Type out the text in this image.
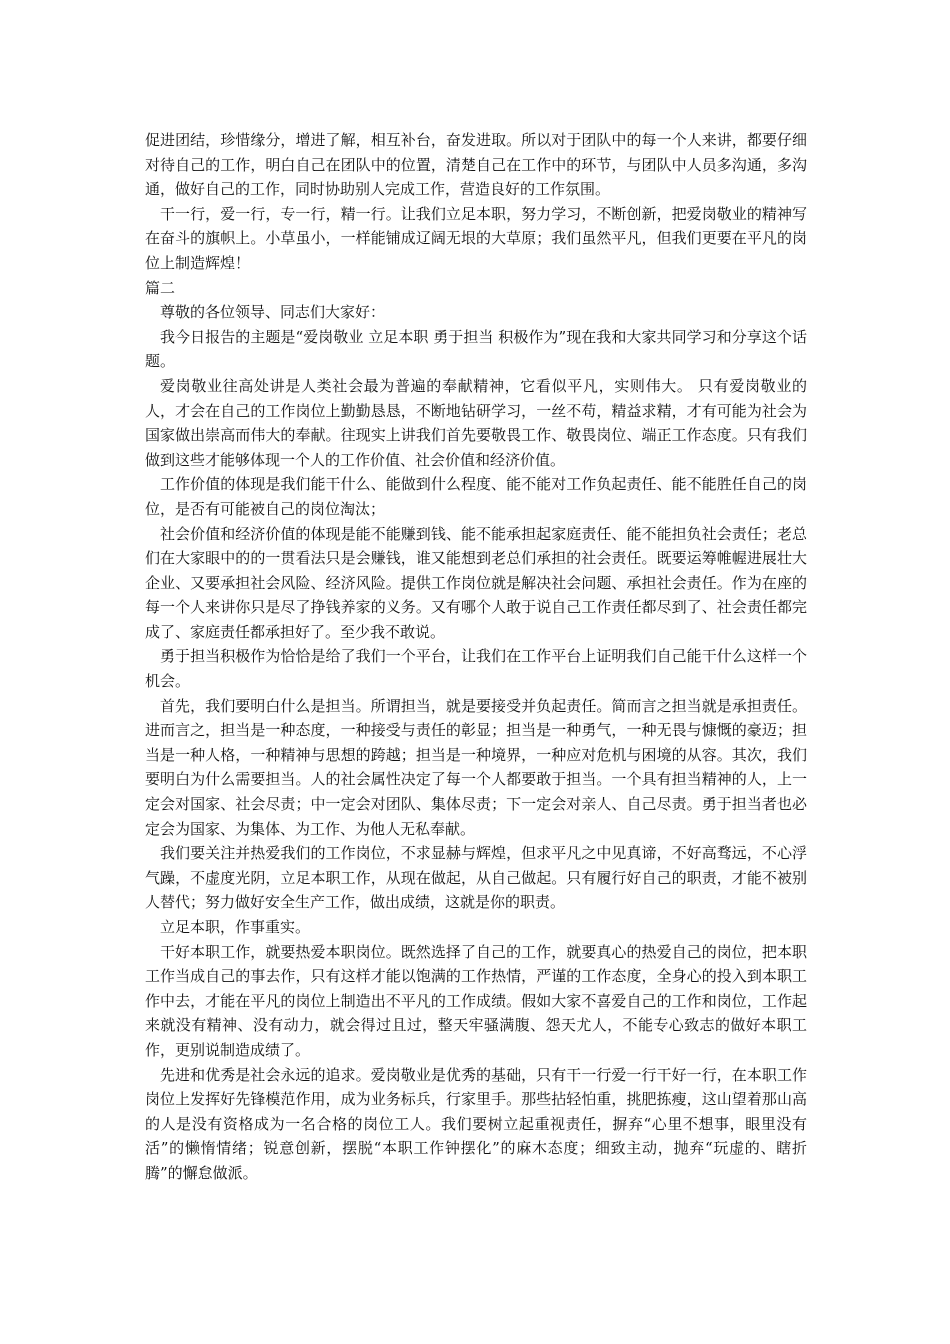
促进团结，珍惜缘分，增进了解，相互补台，奋发进取。所以对于团队中的每一个人来讲，都要仔细对待自己的工作，明白自己在团队中的位置，清楚自己在工作中的环节，与团队中人员多沟通，多沟通，做好自己的工作，同时协助别人完成工作，营造良好的工作氛围。

干一行，爱一行，专一行，精一行。让我们立足本职，努力学习，不断创新，把爱岗敬业的精神写在奋斗的旗帜上。小草虽小，一样能铺成辽阔无垠的大草原；我们虽然平凡，但我们更要在平凡的岗位上制造辉煌！

篇二

尊敬的各位领导、同志们大家好：

我今日报告的主题是“爱岗敬业 立足本职 勇于担当 积极作为”现在我和大家共同学习和分享这个话题。

爱岗敬业往高处讲是人类社会最为普遍的奉献精神，它看似平凡，实则伟大。 只有爱岗敬业的人，才会在自己的工作岗位上勤勤恳恳，不断地钻研学习，一丝不苟，精益求精，才有可能为社会为国家做出崇高而伟大的奉献。往现实上讲我们首先要敬畏工作、敬畏岗位、端正工作态度。只有我们做到这些才能够体现一个人的工作价值、社会价值和经济价值。

工作价值的体现是我们能干什么、能做到什么程度、能不能对工作负起责任、能不能胜任自己的岗位，是否有可能被自己的岗位淘汰；

社会价值和经济价值的体现是能不能赚到钱、能不能承担起家庭责任、能不能担负社会责任；老总们在大家眼中的的一贯看法只是会赚钱，谁又能想到老总们承担的社会责任。既要运筹帷幄进展壮大企业、又要承担社会风险、经济风险。提供工作岗位就是解决社会问题、承担社会责任。作为在座的每一个人来讲你只是尽了挣钱养家的义务。又有哪个人敢于说自己工作责任都尽到了、社会责任都完成了、家庭责任都承担好了。至少我不敢说。

勇于担当积极作为恰恰是给了我们一个平台，让我们在工作平台上证明我们自己能干什么这样一个机会。

首先，我们要明白什么是担当。所谓担当，就是要接受并负起责任。简而言之担当就是承担责任。进而言之，担当是一种态度，一种接受与责任的彰显；担当是一种勇气，一种无畏与慷慨的豪迈；担当是一种人格，一种精神与思想的跨越；担当是一种境界，一种应对危机与困境的从容。其次，我们要明白为什么需要担当。人的社会属性决定了每一个人都要敢于担当。一个具有担当精神的人，上一定会对国家、社会尽责；中一定会对团队、集体尽责；下一定会对亲人、自己尽责。勇于担当者也必定会为国家、为集体、为工作、为他人无私奉献。

我们要关注并热爱我们的工作岗位，不求显赫与辉煌，但求平凡之中见真谛，不好高骛远，不心浮气躁，不虚度光阴，立足本职工作，从现在做起，从自己做起。只有履行好自己的职责，才能不被别人替代；努力做好安全生产工作，做出成绩，这就是你的职责。

立足本职，作事重实。

干好本职工作，就要热爱本职岗位。既然选择了自己的工作，就要真心的热爱自己的岗位，把本职工作当成自己的事去作，只有这样才能以饱满的工作热情，严谨的工作态度，全身心的投入到本职工作中去，才能在平凡的岗位上制造出不平凡的工作成绩。假如大家不喜爱自己的工作和岗位，工作起来就没有精神、没有动力，就会得过且过，整天牢骚满腹、怨天尤人，不能专心致志的做好本职工作，更别说制造成绩了。

先进和优秀是社会永远的追求。爱岗敬业是优秀的基础，只有干一行爱一行干好一行，在本职工作岗位上发挥好先锋模范作用，成为业务标兵，行家里手。那些拈轻怕重，挑肥拣瘦，这山望着那山高的人是没有资格成为一名合格的岗位工人。我们要树立起重视责任，摒弃“心里不想事，眼里没有活”的懒惰情绪；锐意创新，摆脱“本职工作钟摆化”的麻木态度；细致主动，抛弃“玩虚的、瞎折腾”的懈怠做派。
